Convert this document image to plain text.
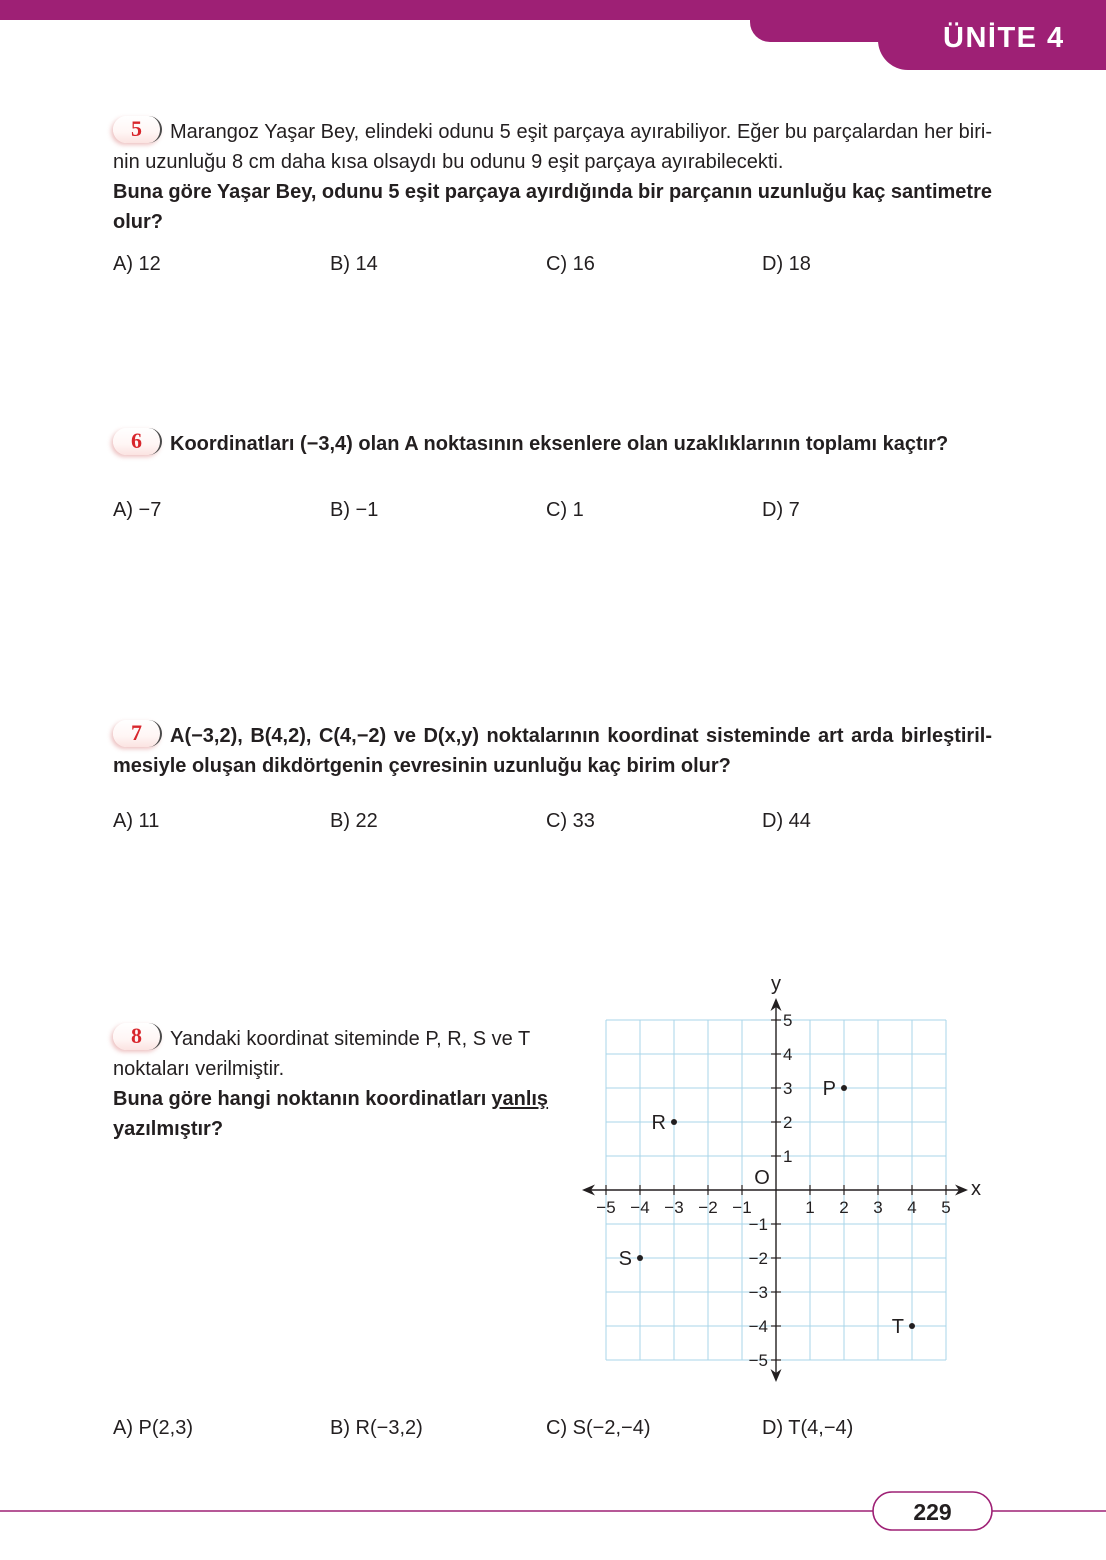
ÜNİTE 4
5	Marangoz Yaşar Bey, elindeki odunu 5 eşit parçaya ayırabiliyor. Eğer bu parçalardan her biri-
nin uzunluğu 8 cm daha kısa olsaydı bu odunu 9 eşit parçaya ayırabilecekti.
Buna göre Yaşar Bey, odunu 5 eşit parçaya ayırdığında bir parçanın uzunluğu kaç santimetre
olur?
A) 12	B) 14	C) 16	D) 18
6	Koordinatları (−3,4) olan A noktasının eksenlere olan uzaklıklarının toplamı kaçtır?
A) −7	B) −1	C) 1	D) 7
7	A(−3,2), B(4,2), C(4,−2) ve D(x,y) noktalarının koordinat sisteminde art arda birleştiril-
mesiyle oluşan dikdörtgenin çevresinin uzunluğu kaç birim olur?
A) 11	B) 22	C) 33	D) 44
8	Yandaki koordinat siteminde P, R, S ve T
noktaları verilmiştir.
Buna göre hangi noktanın koordinatları yanlış
yazılmıştır?
−5 −4 −3 −2 −1	1 2 3 4 5
5
4
3
2
1
−1
−2
−3
−4
−5
x
y
O
P
R
S
T
A) P(2,3)	B) R(−3,2)	C) S(−2,−4)	D) T(4,−4)
229
